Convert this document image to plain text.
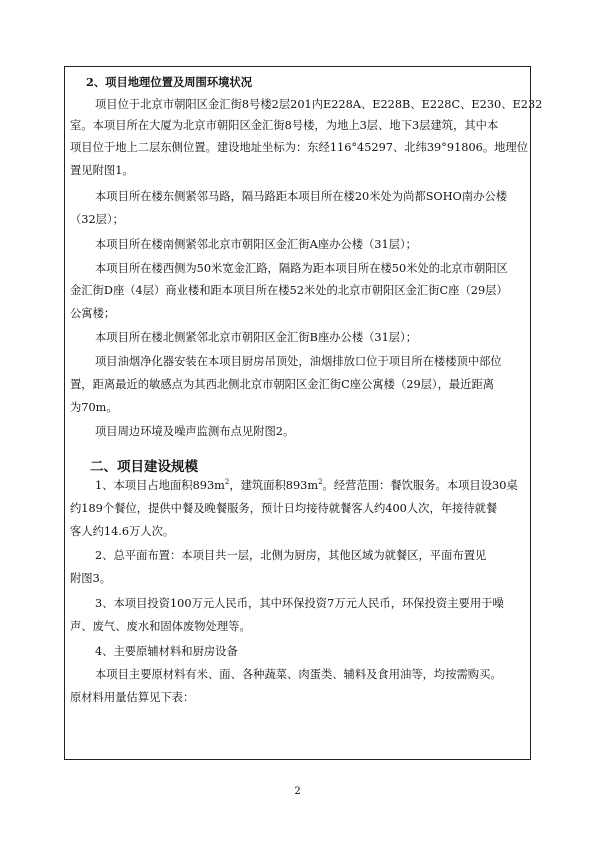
2、项目地理位置及周围环境状况
项目位于北京市朝阳区金汇街8号楼2层201内E228A、E228B、E228C、E230、E232
室。本项目所在大厦为北京市朝阳区金汇街8号楼，为地上3层、地下3层建筑，其中本
项目位于地上二层东侧位置。建设地址坐标为：东经116°45297、北纬39°91806。地理位
置见附图1。
本项目所在楼东侧紧邻马路，隔马路距本项目所在楼20米处为尚都SOHO南办公楼
（32层）；
本项目所在楼南侧紧邻北京市朝阳区金汇街A座办公楼（31层）；
本项目所在楼西侧为50米宽金汇路，隔路为距本项目所在楼50米处的北京市朝阳区
金汇街D座（4层）商业楼和距本项目所在楼52米处的北京市朝阳区金汇街C座（29层）
公寓楼；
本项目所在楼北侧紧邻北京市朝阳区金汇街B座办公楼（31层）；
项目油烟净化器安装在本项目厨房吊顶处，油烟排放口位于项目所在楼楼顶中部位
置，距离最近的敏感点为其西北侧北京市朝阳区金汇街C座公寓楼（29层），最近距离
为70m。
项目周边环境及噪声监测布点见附图2。
二、项目建设规模
1、本项目占地面积$893m^2$，建筑面积$893m^2$。经营范围：餐饮服务。本项目设30桌
约189个餐位，提供中餐及晚餐服务，预计日均接待就餐客人约400人次，年接待就餐
客人约14.6万人次。
2、总平面布置：本项目共一层，北侧为厨房，其他区域为就餐区，平面布置见
附图3。
3、本项目投资100万元人民币，其中环保投资7万元人民币，环保投资主要用于噪
声、废气、废水和固体废物处理等。
4、主要原辅材料和厨房设备
本项目主要原材料有米、面、各种蔬菜、肉蛋类、辅料及食用油等，均按需购买。
原材料用量估算见下表：
2
